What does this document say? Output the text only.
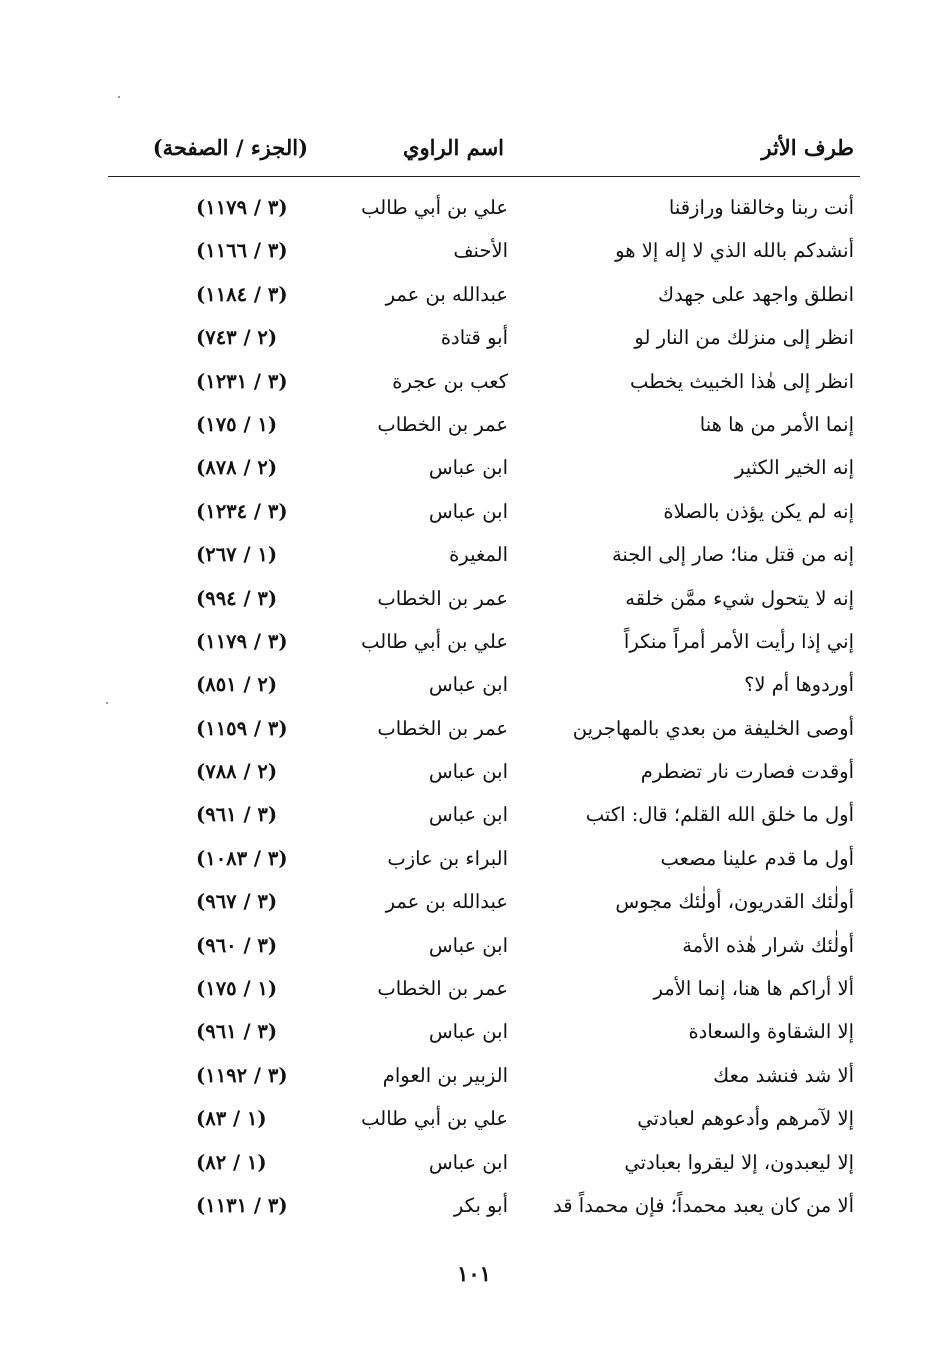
طرف الأثر
اسم الراوي
(الجزء / الصفحة)
أنت ربنا وخالقنا ورازقنا
علي بن أبي طالب
(٣ / ١١٧٩)
أنشدكم بالله الذي لا إله إلا هو
الأحنف
(٣ / ١١٦٦)
انطلق واجهد على جهدك
عبدالله بن عمر
(٣ / ١١٨٤)
انظر إلى منزلك من النار لو
أبو قتادة
(٢ / ٧٤٣)
انظر إلى هٰذا الخبيث يخطب
كعب بن عجرة
(٣ / ١٢٣١)
إنما الأمر من ها هنا
عمر بن الخطاب
(١ / ١٧٥)
إنه الخير الكثير
ابن عباس
(٢ / ٨٧٨)
إنه لم يكن يؤذن بالصلاة
ابن عباس
(٣ / ١٢٣٤)
إنه من قتل منا؛ صار إلى الجنة
المغيرة
(١ / ٢٦٧)
إنه لا يتحول شيء ممَّن خلقه
عمر بن الخطاب
(٣ / ٩٩٤)
إني إذا رأيت الأمر أمراً منكراً
علي بن أبي طالب
(٣ / ١١٧٩)
أوردوها أم لا؟
ابن عباس
(٢ / ٨٥١)
أوصى الخليفة من بعدي بالمهاجرين
عمر بن الخطاب
(٣ / ١١٥٩)
أوقدت فصارت نار تضطرم
ابن عباس
(٢ / ٧٨٨)
أول ما خلق الله القلم؛ قال: اكتب
ابن عباس
(٣ / ٩٦١)
أول ما قدم علينا مصعب
البراء بن عازب
(٣ / ١٠٨٣)
أولٰئك القدريون، أولٰئك مجوس
عبدالله بن عمر
(٣ / ٩٦٧)
أولٰئك شرار هٰذه الأمة
ابن عباس
(٣ / ٩٦٠)
ألا أراكم ها هنا، إنما الأمر
عمر بن الخطاب
(١ / ١٧٥)
إلا الشقاوة والسعادة
ابن عباس
(٣ / ٩٦١)
ألا شد فنشد معك
الزبير بن العوام
(٣ / ١١٩٢)
إلا لآمرهم وأدعوهم لعبادتي
علي بن أبي طالب
(١ / ٨٣)
إلا ليعبدون، إلا ليقروا بعبادتي
ابن عباس
(١ / ٨٢)
ألا من كان يعبد محمداً؛ فإن محمداً قد
أبو بكر
(٣ / ١١٣١)
١٠١
